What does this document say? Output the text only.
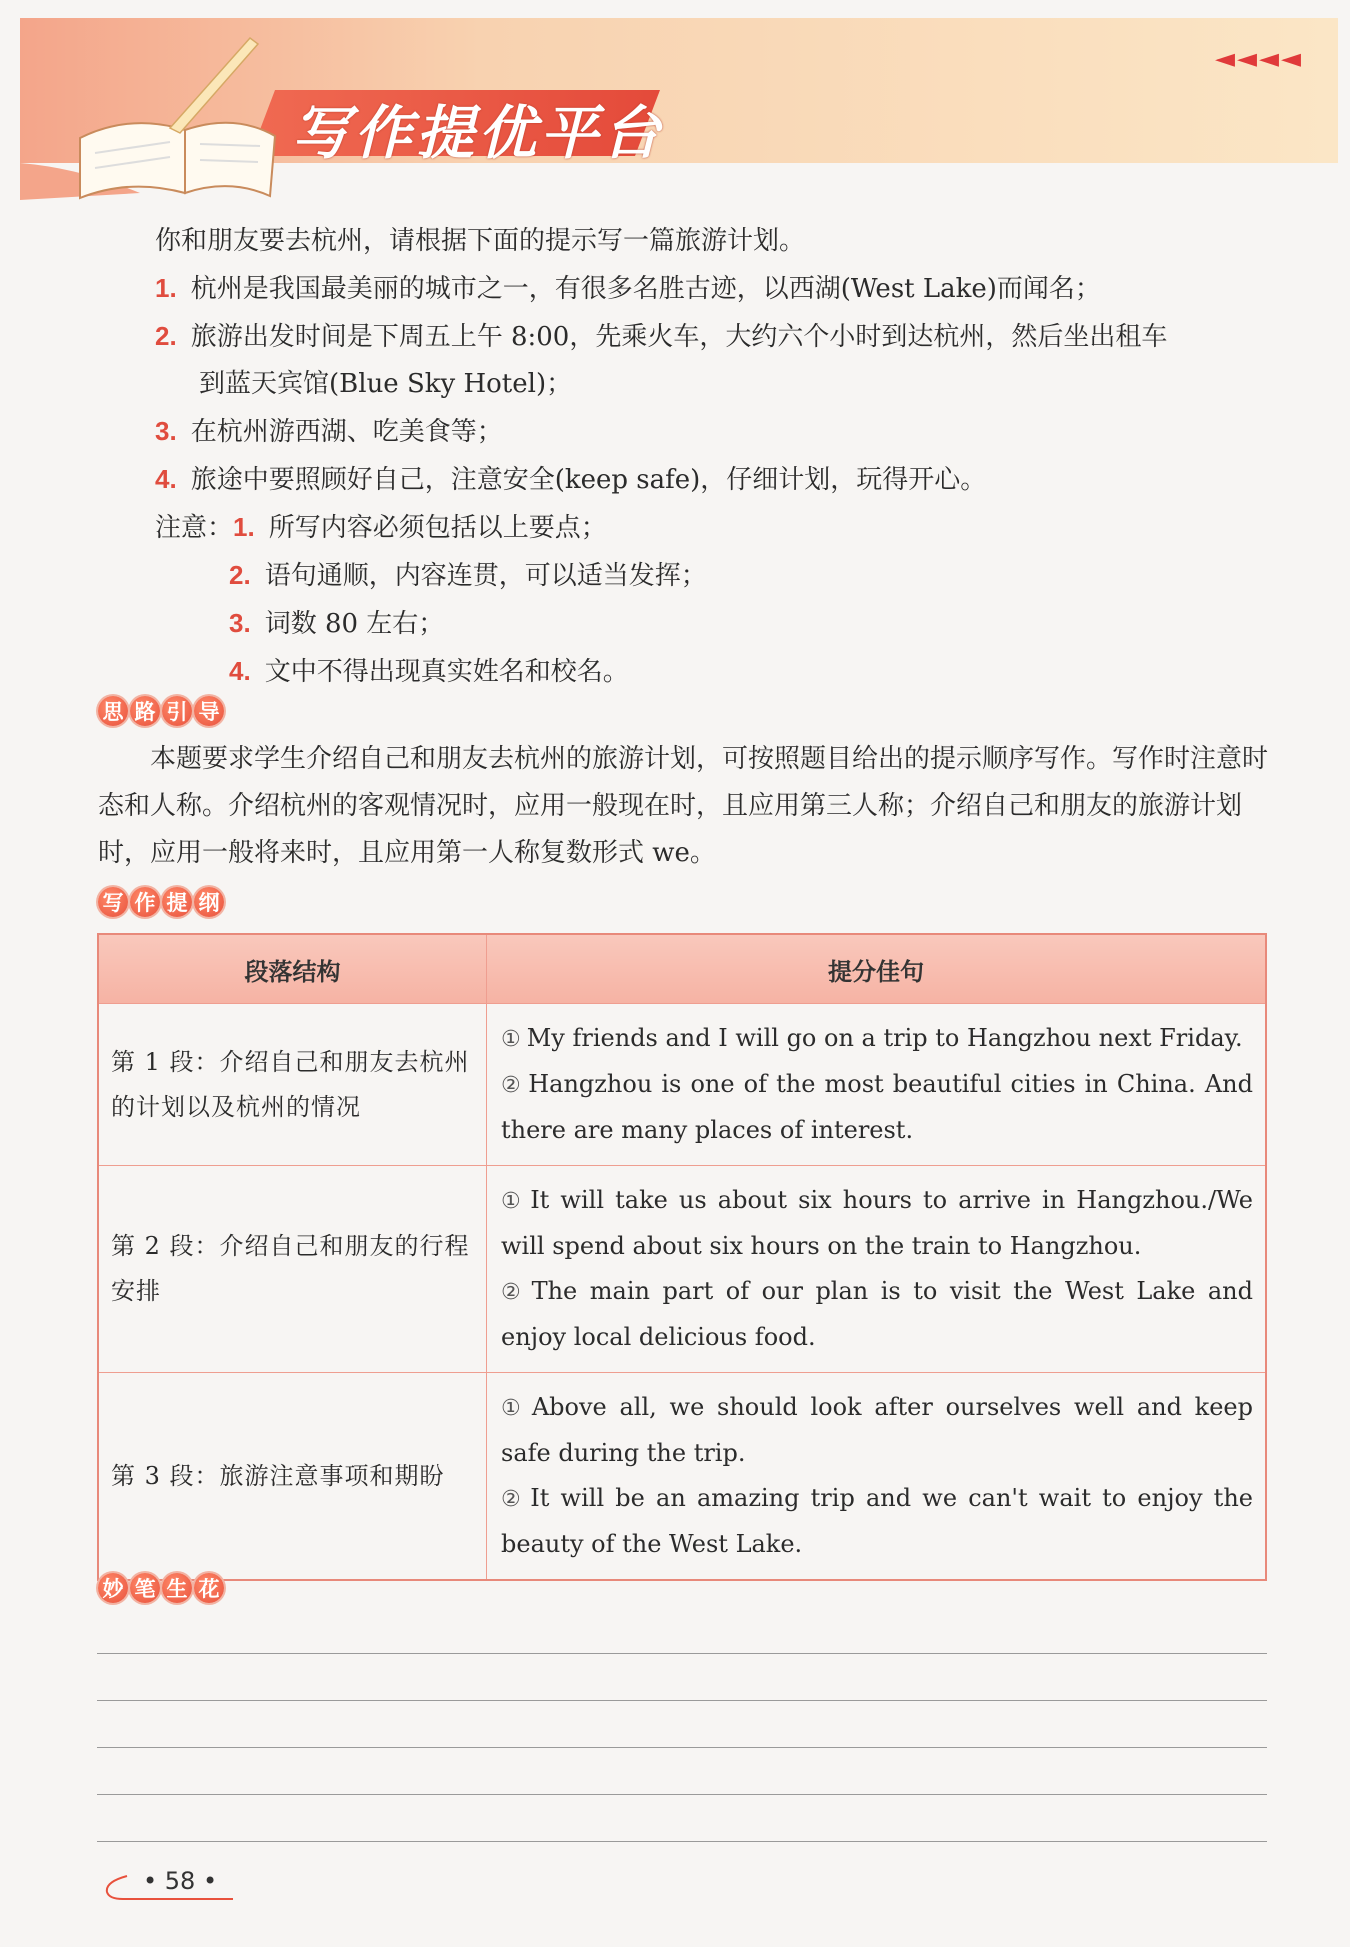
写作提优平台
◄◄◄◄
你和朋友要去杭州，请根据下面的提示写一篇旅游计划。
1. 杭州是我国最美丽的城市之一，有很多名胜古迹，以西湖(West Lake)而闻名；
2. 旅游出发时间是下周五上午 8:00，先乘火车，大约六个小时到达杭州，然后坐出租车
到蓝天宾馆(Blue Sky Hotel)；
3. 在杭州游西湖、吃美食等；
4. 旅途中要照顾好自己，注意安全(keep safe)，仔细计划，玩得开心。
注意：1. 所写内容必须包括以上要点；
2. 语句通顺，内容连贯，可以适当发挥；
3. 词数 80 左右；
4. 文中不得出现真实姓名和校名。
思 路 引 导

本题要求学生介绍自己和朋友去杭州的旅游计划，可按照题目给出的提示顺序写作。写作时注意时态和人称。介绍杭州的客观情况时，应用一般现在时，且应用第三人称；介绍自己和朋友的旅游计划时，应用一般将来时，且应用第一人称复数形式 we。

写 作 提 纲
段落结构	提分佳句
第 1 段：介绍自己和朋友去杭州的计划以及杭州的情况	① My friends and I will go on a trip to Hangzhou next Friday.
② Hangzhou is one of the most beautiful cities in China. And there are many places of interest.

第 2 段：介绍自己和朋友的行程安排	① It will take us about six hours to arrive in Hangzhou./We will spend about six hours on the train to Hangzhou.
② The main part of our plan is to visit the West Lake and enjoy local delicious food.

第 3 段：旅游注意事项和期盼	① Above all, we should look after ourselves well and keep safe during the trip.
② It will be an amazing trip and we can't wait to enjoy the beauty of the West Lake.
妙 笔 生 花
• 58 •
